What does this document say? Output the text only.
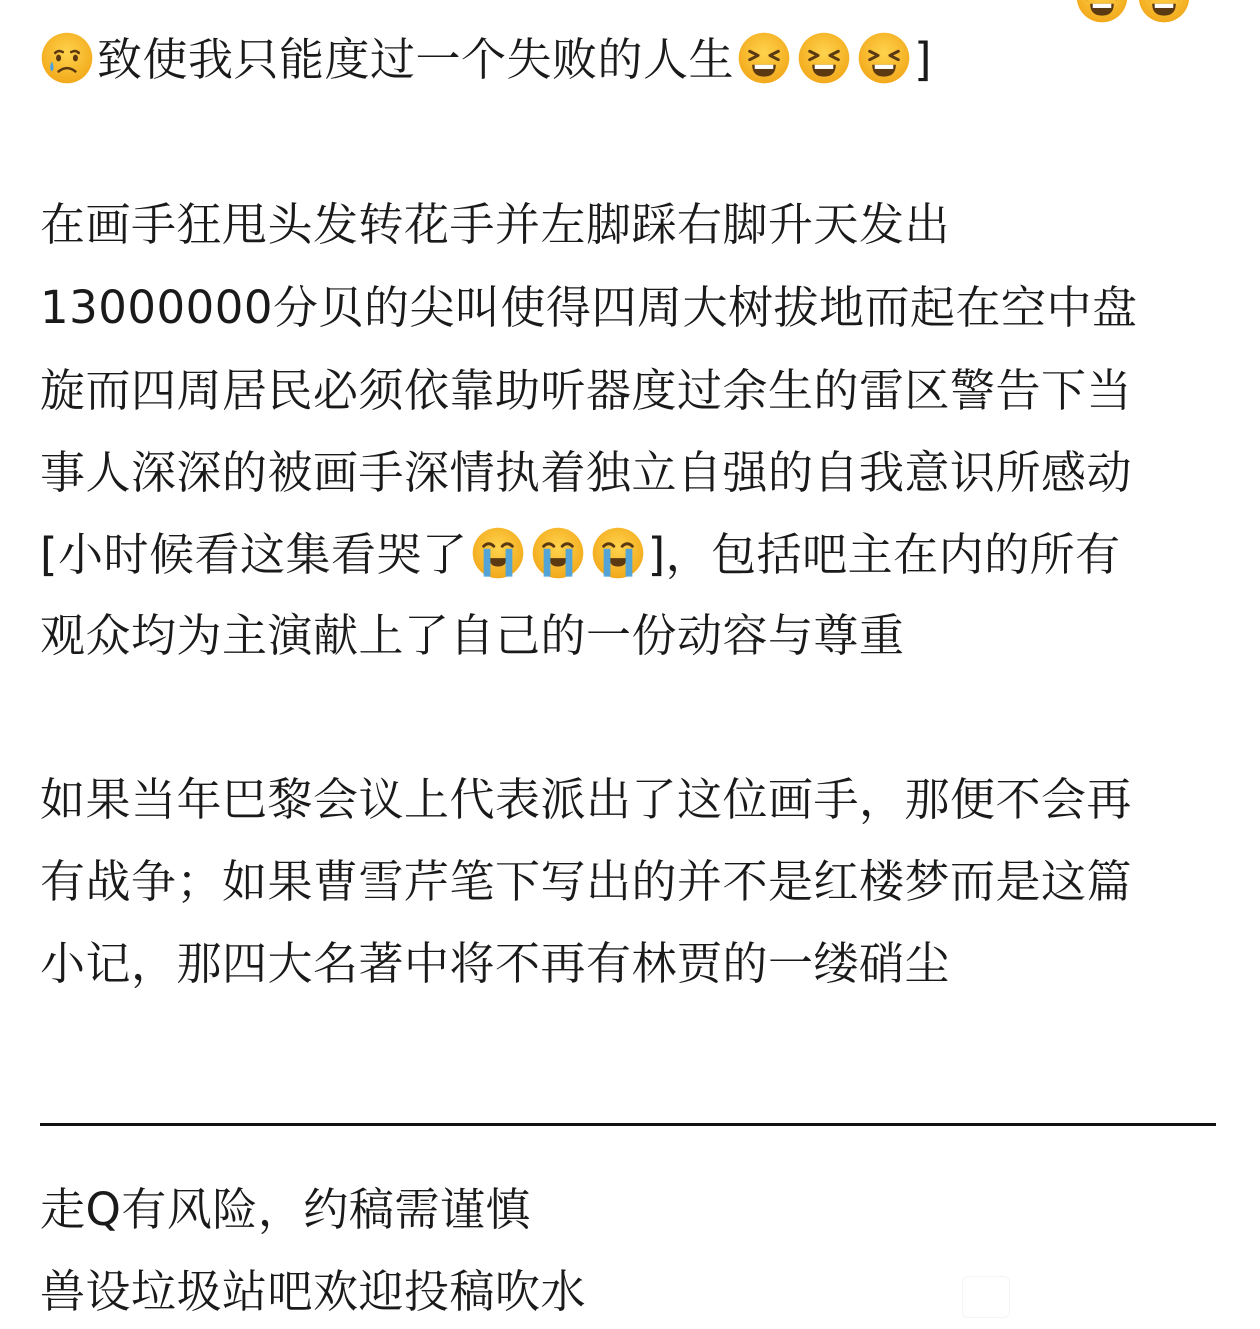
致使我只能度过一个失败的人生	]
在画手狂甩头发转花手并左脚踩右脚升天发出
13000000分贝的尖叫使得四周大树拔地而起在空中盘
旋而四周居民必须依靠助听器度过余生的雷区警告下当
事人深深的被画手深情执着独立自强的自我意识所感动
[小时候看这集看哭了	]，包括吧主在内的所有
观众均为主演献上了自己的一份动容与尊重
如果当年巴黎会议上代表派出了这位画手，那便不会再
有战争；如果曹雪芹笔下写出的并不是红楼梦而是这篇
小记，那四大名著中将不再有林贾的一缕硝尘
走Q有风险，约稿需谨慎
兽设垃圾站吧欢迎投稿吹水
